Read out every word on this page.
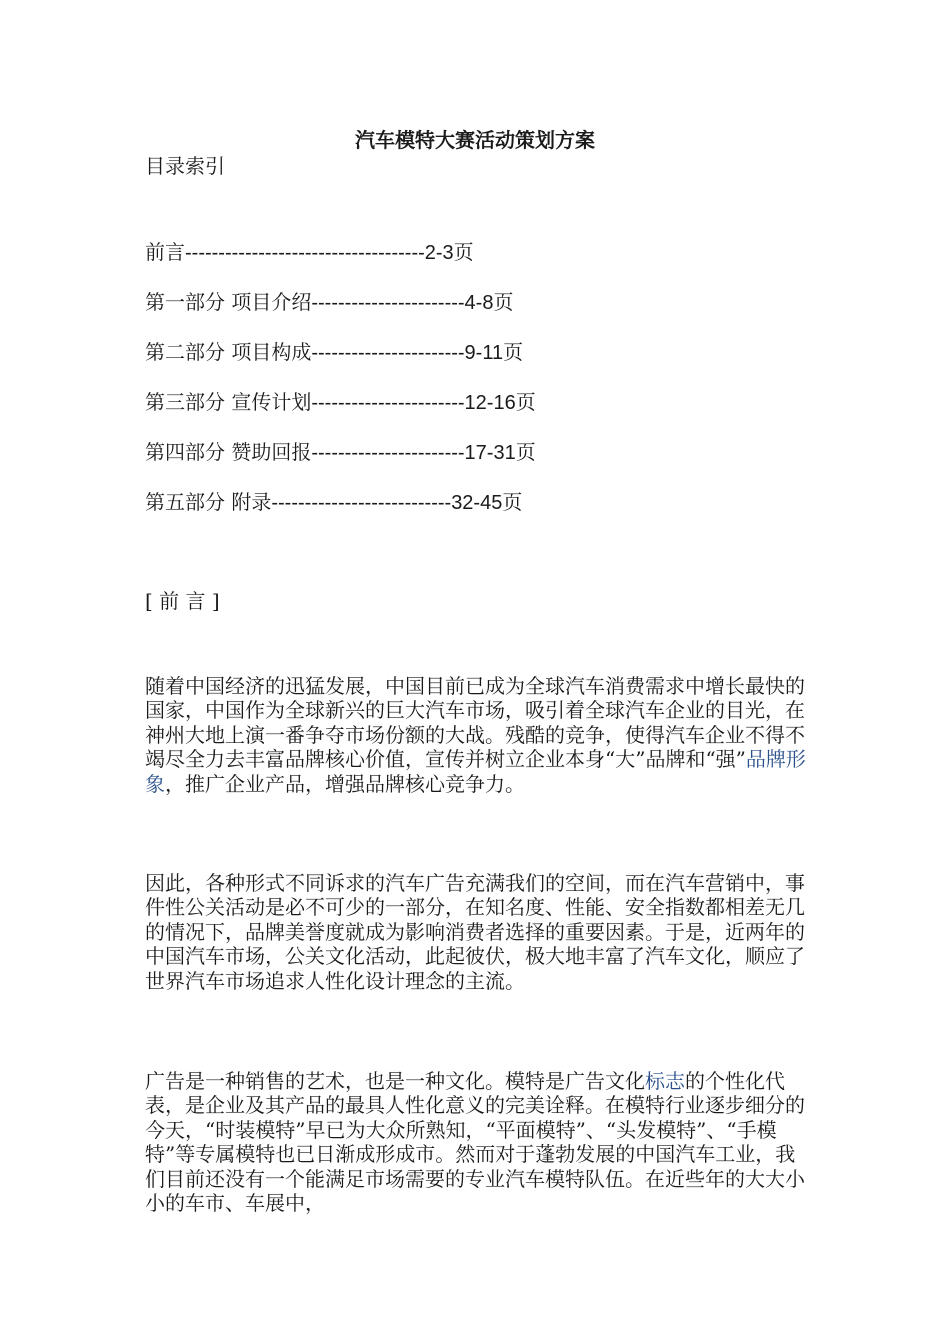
汽车模特大赛活动策划方案
目录索引
前言------------------------------------2-3页
第一部分 项目介绍-----------------------4-8页
第二部分 项目构成-----------------------9-11页
第三部分 宣传计划-----------------------12-16页
第四部分 赞助回报-----------------------17-31页
第五部分 附录---------------------------32-45页
[ 前 言 ]
随着中国经济的迅猛发展，中国目前已成为全球汽车消费需求中增长最快的国家，中国作为全球新兴的巨大汽车市场，吸引着全球汽车企业的目光，在神州大地上演一番争夺市场份额的大战。残酷的竞争，使得汽车企业不得不竭尽全力去丰富品牌核心价值，宣传并树立企业本身“大”品牌和“强”品牌形象，推广企业产品，增强品牌核心竞争力。
因此，各种形式不同诉求的汽车广告充满我们的空间，而在汽车营销中，事件性公关活动是必不可少的一部分，在知名度、性能、安全指数都相差无几的情况下，品牌美誉度就成为影响消费者选择的重要因素。于是，近两年的中国汽车市场，公关文化活动，此起彼伏，极大地丰富了汽车文化，顺应了世界汽车市场追求人性化设计理念的主流。
广告是一种销售的艺术，也是一种文化。模特是广告文化标志的个性化代表，是企业及其产品的最具人性化意义的完美诠释。在模特行业逐步细分的今天，“时装模特”早已为大众所熟知，“平面模特”、“头发模特”、“手模特”等专属模特也已日渐成形成市。然而对于蓬勃发展的中国汽车工业，我们目前还没有一个能满足市场需要的专业汽车模特队伍。在近些年的大大小小的车市、车展中，
